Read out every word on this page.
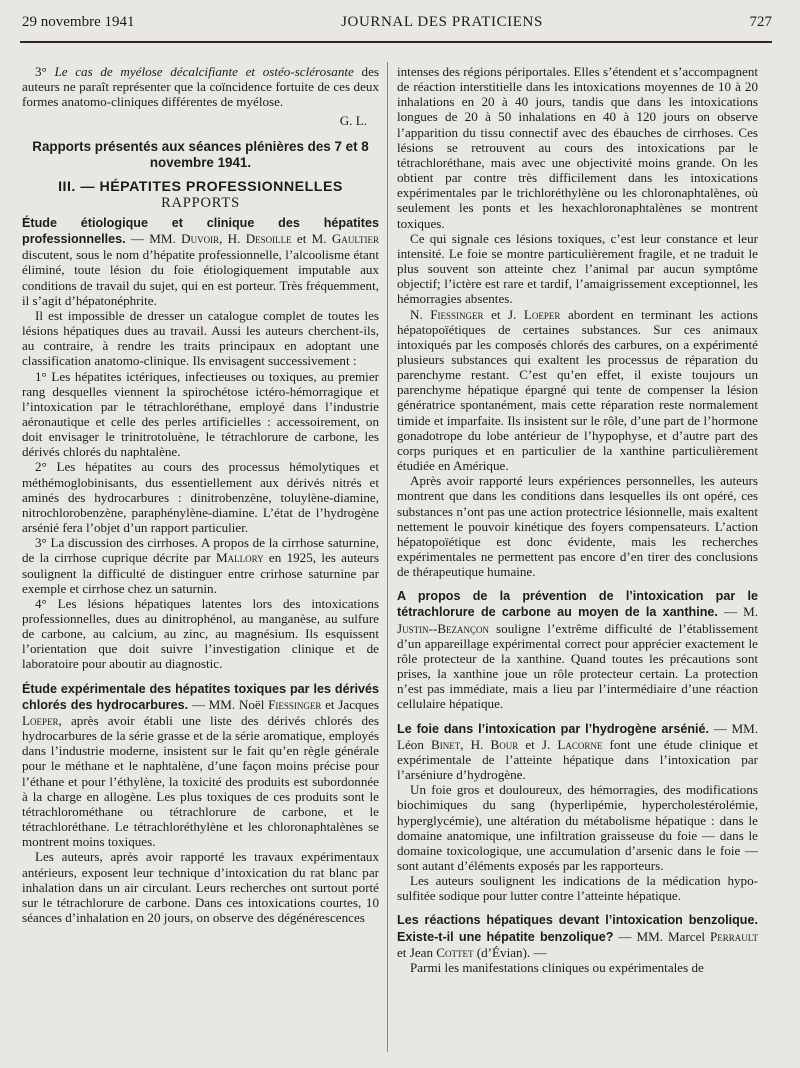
29 novembre 1941	JOURNAL DES PRATICIENS	727

3° Le cas de myélose décalcifiante et ostéo-sclérosante des auteurs ne paraît représenter que la coïncidence fortuite de ces deux formes anatomo-cliniques différentes de myélose.

G. L.

Rapports présentés aux séances plénières des 7 et 8 novembre 1941.
III. — HÉPATITES PROFESSIONNELLES

RAPPORTS

Étude étiologique et clinique des hépatites professionnelles. — MM. Duvoir, H. Desoille et M. Gaultier discutent, sous le nom d’hépatite professionnelle, l’alcoolisme étant éliminé, toute lésion du foie étiologiquement imputable aux conditions de travail du sujet, qui en est porteur. Très fréquemment, il s’agit d’hépatonéphrite.

Il est impossible de dresser un catalogue complet de toutes les lésions hépatiques dues au travail. Aussi les auteurs cherchent-ils, au contraire, à rendre les traits principaux en adoptant une classification anatomo-clinique. Ils envisagent successivement :

1° Les hépatites ictériques, infectieuses ou toxiques, au premier rang desquelles viennent la spirochétose ictéro-hémorragique et l’intoxication par le tétrachloréthane, employé dans l’industrie aéronautique et celle des perles artificielles : accessoirement, on doit envisager le trinitrotoluène, le tétrachlorure de carbone, les dérivés chlorés du naphtalène.

2° Les hépatites au cours des processus hémolytiques et méthémoglobinisants, dus essentiellement aux dérivés nitrés et aminés des hydrocarbures : dinitrobenzène, toluylène-diamine, nitrochlorobenzène, paraphénylène-diamine. L’état de l’hydrogène arsénié fera l’objet d’un rapport particulier.

3° La discussion des cirrhoses. A propos de la cirrhose saturnine, de la cirrhose cuprique décrite par Mallory en 1925, les auteurs soulignent la difficulté de distinguer entre crirhose saturnine par exemple et cirrhose chez un saturnin.

4° Les lésions hépatiques latentes lors des intoxications professionnelles, dues au dinitrophénol, au manganèse, au sulfure de carbone, au calcium, au zinc, au magnésium. Ils esquissent l’orientation que doit suivre l’investigation clinique et de laboratoire pour aboutir au diagnostic.

Étude expérimentale des hépatites toxiques par les dérivés chlorés des hydrocarbures. — MM. Noël Fiessinger et Jacques Loeper, après avoir établi une liste des dérivés chlorés des hydrocarbures de la série grasse et de la série aromatique, employés dans l’industrie moderne, insistent sur le fait qu’en règle générale pour le méthane et le naphtalène, d’une façon moins précise pour l’éthane et pour l’éthylène, la toxicité des produits est subordonnée à la charge en allogène. Les plus toxiques de ces produits sont le tétrachlorométhane ou tétrachlorure de carbone, et le tétrachloréthane. Le tétrachloréthylène et les chloronaphtalènes se montrent moins toxiques.

Les auteurs, après avoir rapporté les travaux expérimentaux antérieurs, exposent leur technique d’intoxication du rat blanc par inhalation dans un air circulant. Leurs recherches ont surtout porté sur le tétrachlorure de carbone. Dans ces intoxications courtes, 10 séances d’inhalation en 20 jours, on observe des dégénérescences

intenses des régions périportales. Elles s’étendent et s’accompagnent de réaction interstitielle dans les intoxications moyennes de 10 à 20 inhalations en 20 à 40 jours, tandis que dans les intoxications longues de 20 à 50 inhalations en 40 à 120 jours on observe l’apparition du tissu connectif avec des ébauches de cirrhoses. Ces lésions se retrouvent au cours des intoxications par le tétrachloréthane, mais avec une objectivité moins grande. On les obtient par contre très difficilement dans les intoxications expérimentales par le trichloréthylène ou les chloronaphtalènes, où seulement les ponts et les hexachloronaphtalènes se montrent toxiques.

Ce qui signale ces lésions toxiques, c’est leur constance et leur intensité. Le foie se montre particulièrement fragile, et ne traduit le plus souvent son atteinte chez l’animal par aucun symptôme objectif; l’ictère est rare et tardif, l’amaigrissement exceptionnel, les hémorragies absentes.

N. Fiessinger et J. Loeper abordent en terminant les actions hépatopoïétiques de certaines substances. Sur ces animaux intoxiqués par les composés chlorés des carbures, on a expérimenté plusieurs substances qui exaltent les processus de réparation du parenchyme restant. C’est qu’en effet, il existe toujours un parenchyme hépatique épargné qui tente de compenser la lésion génératrice spontanément, mais cette réparation reste normalement timide et imparfaite. Ils insistent sur le rôle, d’une part de l’hormone gonadotrope du lobe antérieur de l’hypophyse, et d’autre part des corps puriques et en particulier de la xanthine particulièrement étudiée en Amérique.

Après avoir rapporté leurs expériences personnelles, les auteurs montrent que dans les conditions dans lesquelles ils ont opéré, ces substances n’ont pas une action protectrice lésionnelle, mais exaltent nettement le pouvoir kinétique des foyers compensateurs. L’action hépatopoïétique est donc évidente, mais les recherches expérimentales ne permettent pas encore d’en tirer des conclusions de thérapeutique humaine.

A propos de la prévention de l’intoxication par le tétrachlorure de carbone au moyen de la xanthine. — M. Justin--Bezançon souligne l’extrême difficulté de l’établissement d’un appareillage expérimental correct pour apprécier exactement le rôle protecteur de la xanthine. Quand toutes les précautions sont prises, la xanthine joue un rôle protecteur certain. La protection n’est pas immédiate, mais a lieu par l’intermédiaire d’une réaction cellulaire hépatique.

Le foie dans l’intoxication par l’hydrogène arsénié. — MM. Léon Binet, H. Bour et J. Lacorne font une étude clinique et expérimentale de l’atteinte hépatique dans l’intoxication par l’arséniure d’hydrogène.

Un foie gros et douloureux, des hémorragies, des modifications biochimiques du sang (hyperlipémie, hypercholestérolémie, hyperglycémie), une altération du métabolisme hépatique : dans le domaine anatomique, une infiltration graisseuse du foie — dans le domaine toxicologique, une accumulation d’arsenic dans le foie — sont autant d’éléments exposés par les rapporteurs.

Les auteurs soulignent les indications de la médication hypo-sulfitée sodique pour lutter contre l’atteinte hépatique.

Les réactions hépatiques devant l’intoxication benzolique. Existe-t-il une hépatite benzolique? — MM. Marcel Perrault et Jean Cottet (d’Évian). —

Parmi les manifestations cliniques ou expérimentales de
